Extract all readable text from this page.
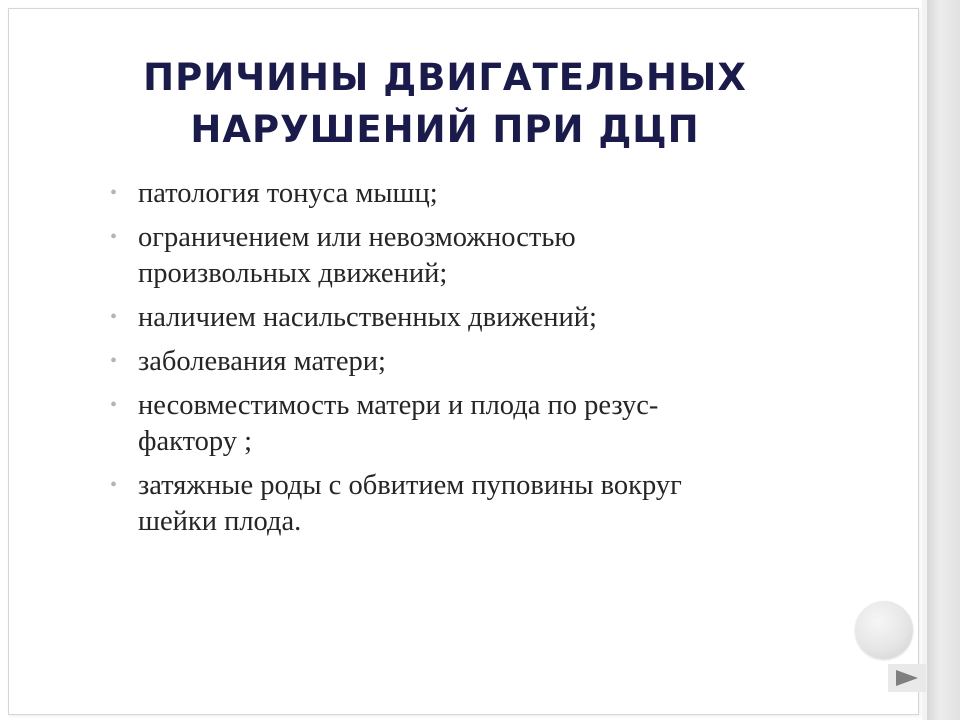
ПРИЧИНЫ ДВИГАТЕЛЬНЫХ
НАРУШЕНИЙ ПРИ ДЦП
• патология тонуса мышц;
• ограничением или невозможностью
произвольных движений;
• наличием насильственных движений;
• заболевания матери;
• несовместимость матери и плода по резус-
фактору ;
• затяжные роды с обвитием пуповины вокруг
шейки плода.
